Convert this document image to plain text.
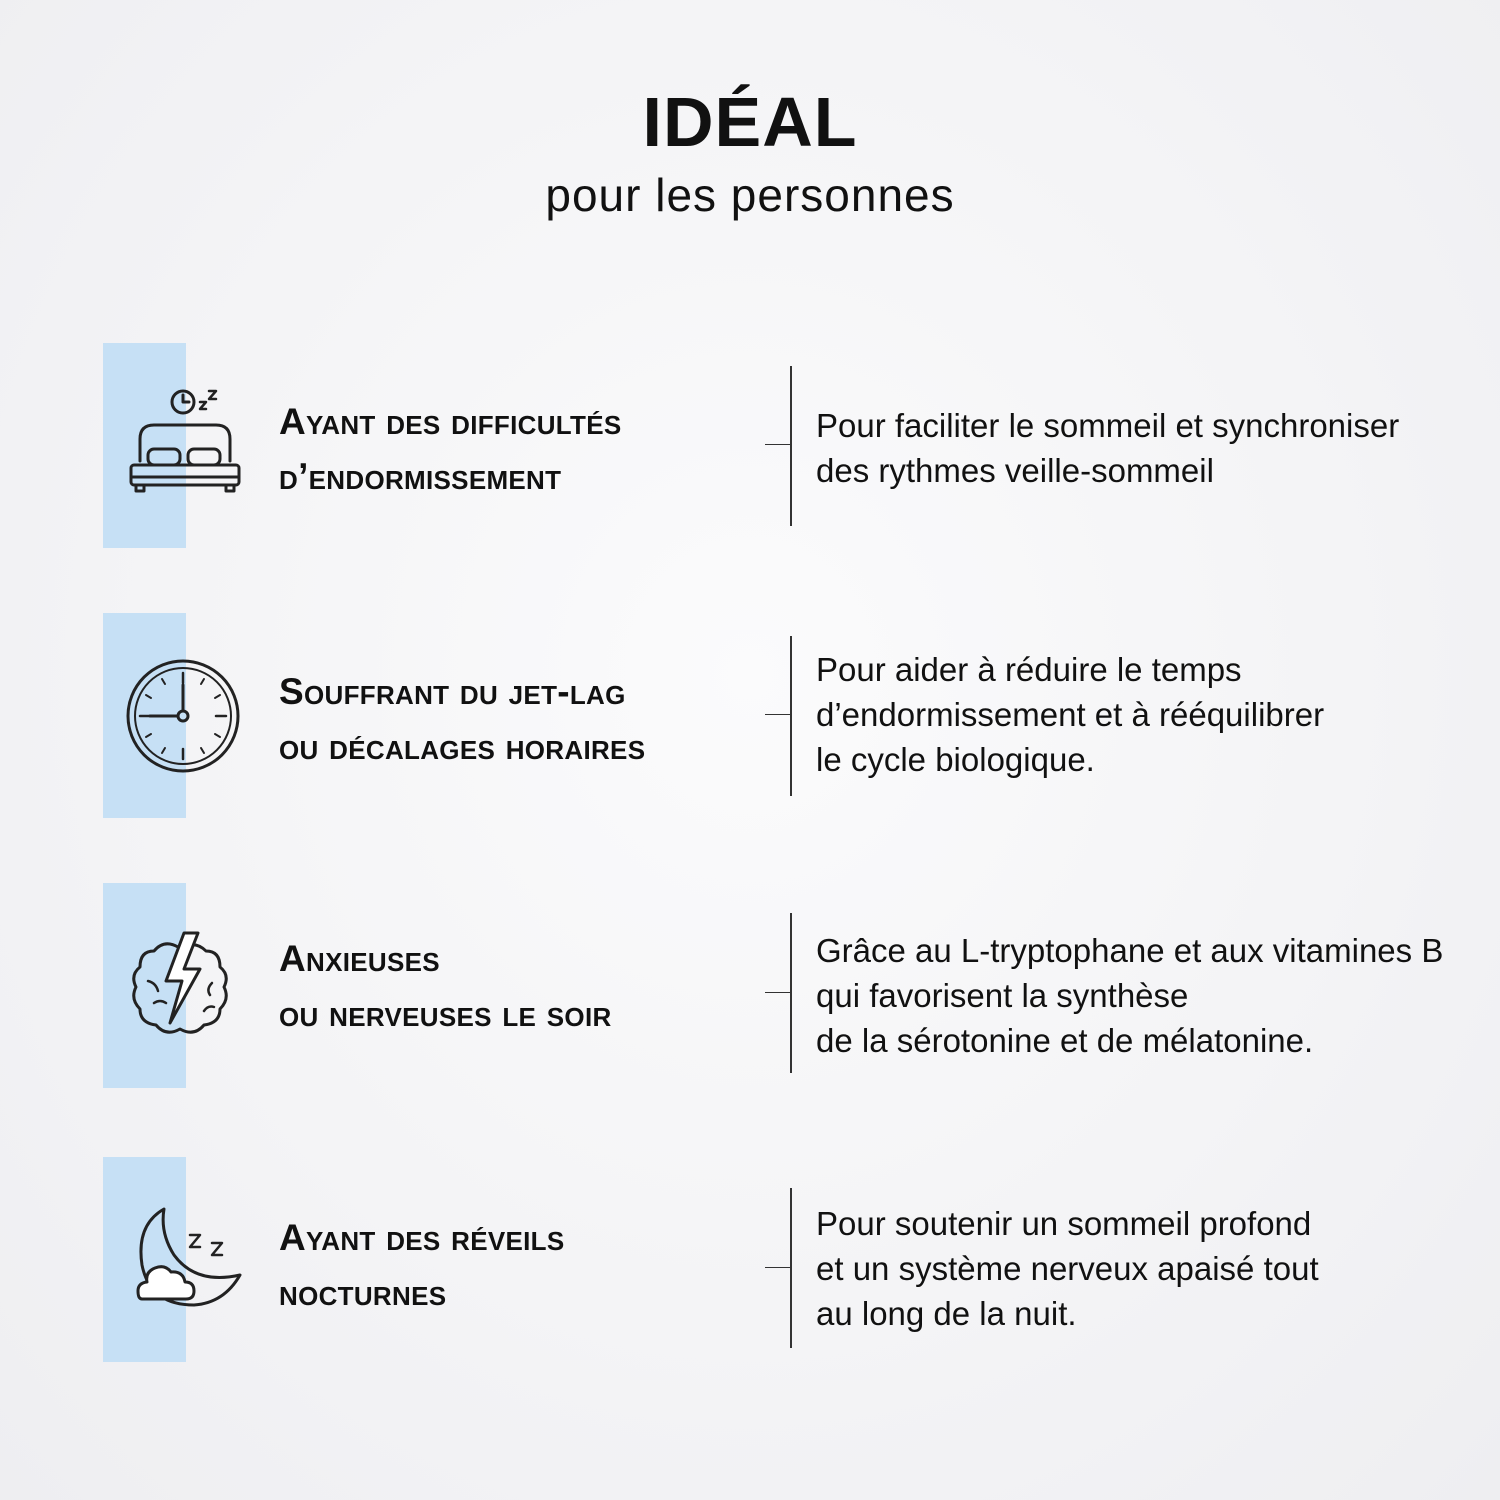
IDÉAL

pour les personnes

Ayant des difficultés
d’endormissement
Pour faciliter le sommeil et synchroniser
des rythmes veille-sommeil
Souffrant du jet-lag
ou décalages horaires
Pour aider à réduire le temps
d’endormissement et à rééquilibrer
le cycle biologique.
Anxieuses
ou nerveuses le soir
Grâce au L-tryptophane et aux vitamines B
qui favorisent la synthèse
de la sérotonine et de mélatonine.
Ayant des réveils
nocturnes
Pour soutenir un sommeil profond
et un système nerveux apaisé tout
au long de la nuit.
